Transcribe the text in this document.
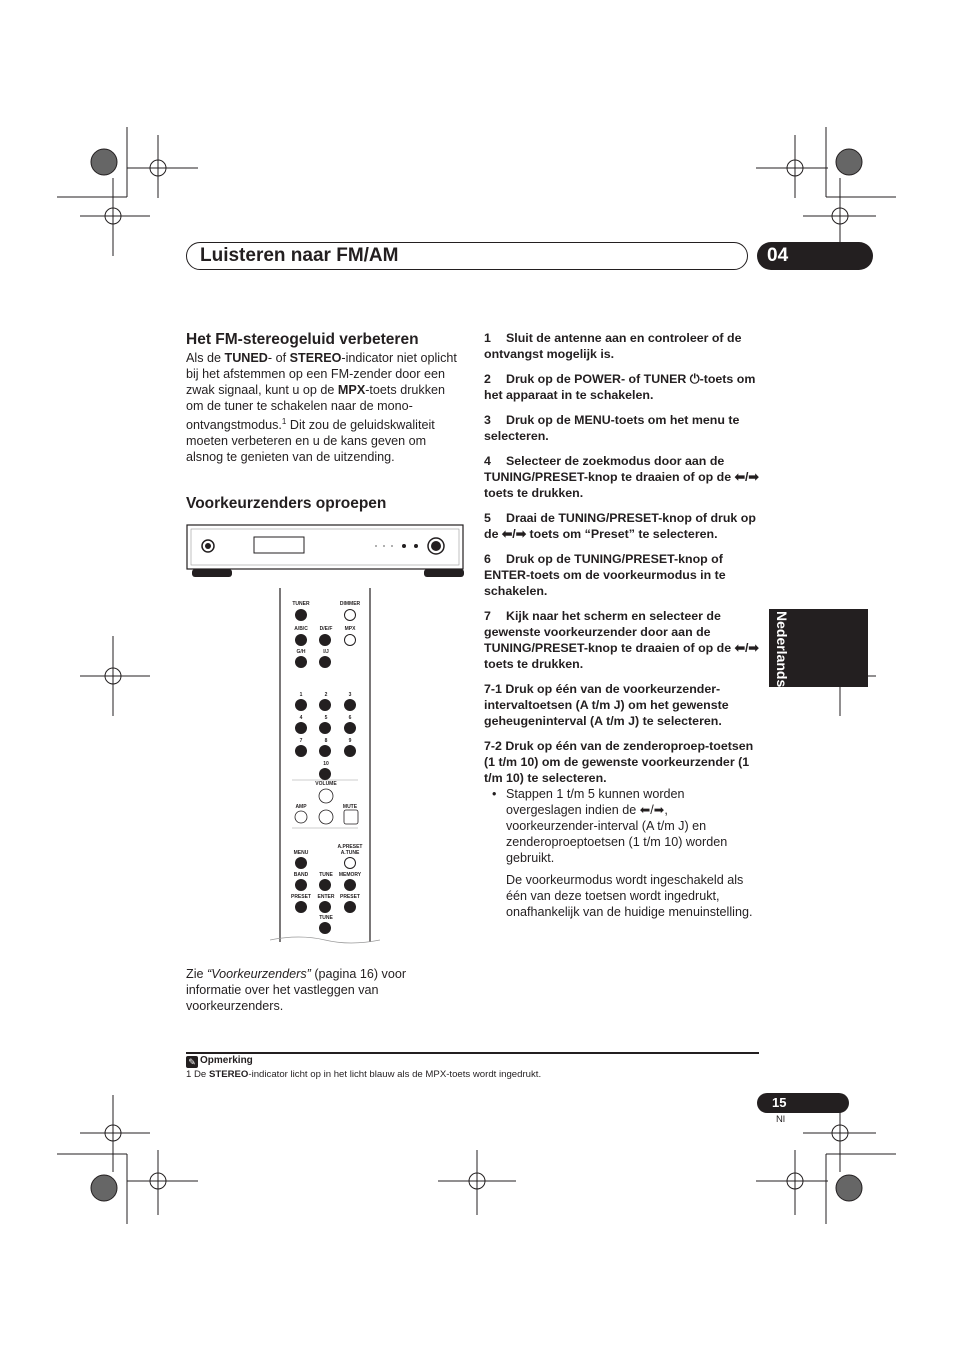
Luisteren naar FM/AM	04
Het FM-stereogeluid verbeteren
Als de TUNED- of STEREO-indicator niet oplicht bij het afstemmen op een FM-zender door een zwak signaal, kunt u op de MPX-toets drukken om de tuner te schakelen naar de mono-ontvangstmodus.$^1$ Dit zou de geluidskwaliteit moeten verbeteren en u de kans geven om alsnog te genieten van de uitzending.
Voorkeurzenders oproepen
TUNER	DIMMER
A/B/C	D/E/F	MPX
G/H	I/J
1	2	3
4	5	6
7	8	9
10
VOLUME
AMP	MUTE
MENU
A.PRESET A.TUNE
BAND	TUNE	MEMORY
PRESET	ENTER	PRESET
TUNE
Zie “Voorkeurzenders” (pagina 16) voor informatie over het vastleggen van voorkeurzenders.
1 Sluit de antenne aan en controleer of de ontvangst mogelijk is.
2 Druk op de POWER- of TUNER ⏻-toets om het apparaat in te schakelen.
3 Druk op de MENU-toets om het menu te selecteren.
4 Selecteer de zoekmodus door aan de TUNING/PRESET-knop te draaien of op de ⬅/➡ toets te drukken.
5 Draai de TUNING/PRESET-knop of druk op de ⬅/➡ toets om “Preset” te selecteren.
6 Druk op de TUNING/PRESET-knop of ENTER-toets om de voorkeurmodus in te schakelen.
7 Kijk naar het scherm en selecteer de gewenste voorkeurzender door aan de TUNING/PRESET-knop te draaien of op de ⬅/➡ toets te drukken.
7-1 Druk op één van de voorkeurzender-intervaltoetsen (A t/m J) om het gewenste geheugeninterval (A t/m J) te selecteren.
7-2 Druk op één van de zenderoproep-toetsen (1 t/m 10) om de gewenste voorkeurzender (1 t/m 10) te selecteren.
• Stappen 1 t/m 5 kunnen worden overgeslagen indien de ⬅/➡, voorkeurzender-interval (A t/m J) en zenderoproeptoetsen (1 t/m 10) worden gebruikt.
De voorkeurmodus wordt ingeschakeld als één van deze toetsen wordt ingedrukt, onafhankelijk van de huidige menuinstelling.
Nederlands
✎ Opmerking
1 De STEREO-indicator licht op in het licht blauw als de MPX-toets wordt ingedrukt.
15
Nl
